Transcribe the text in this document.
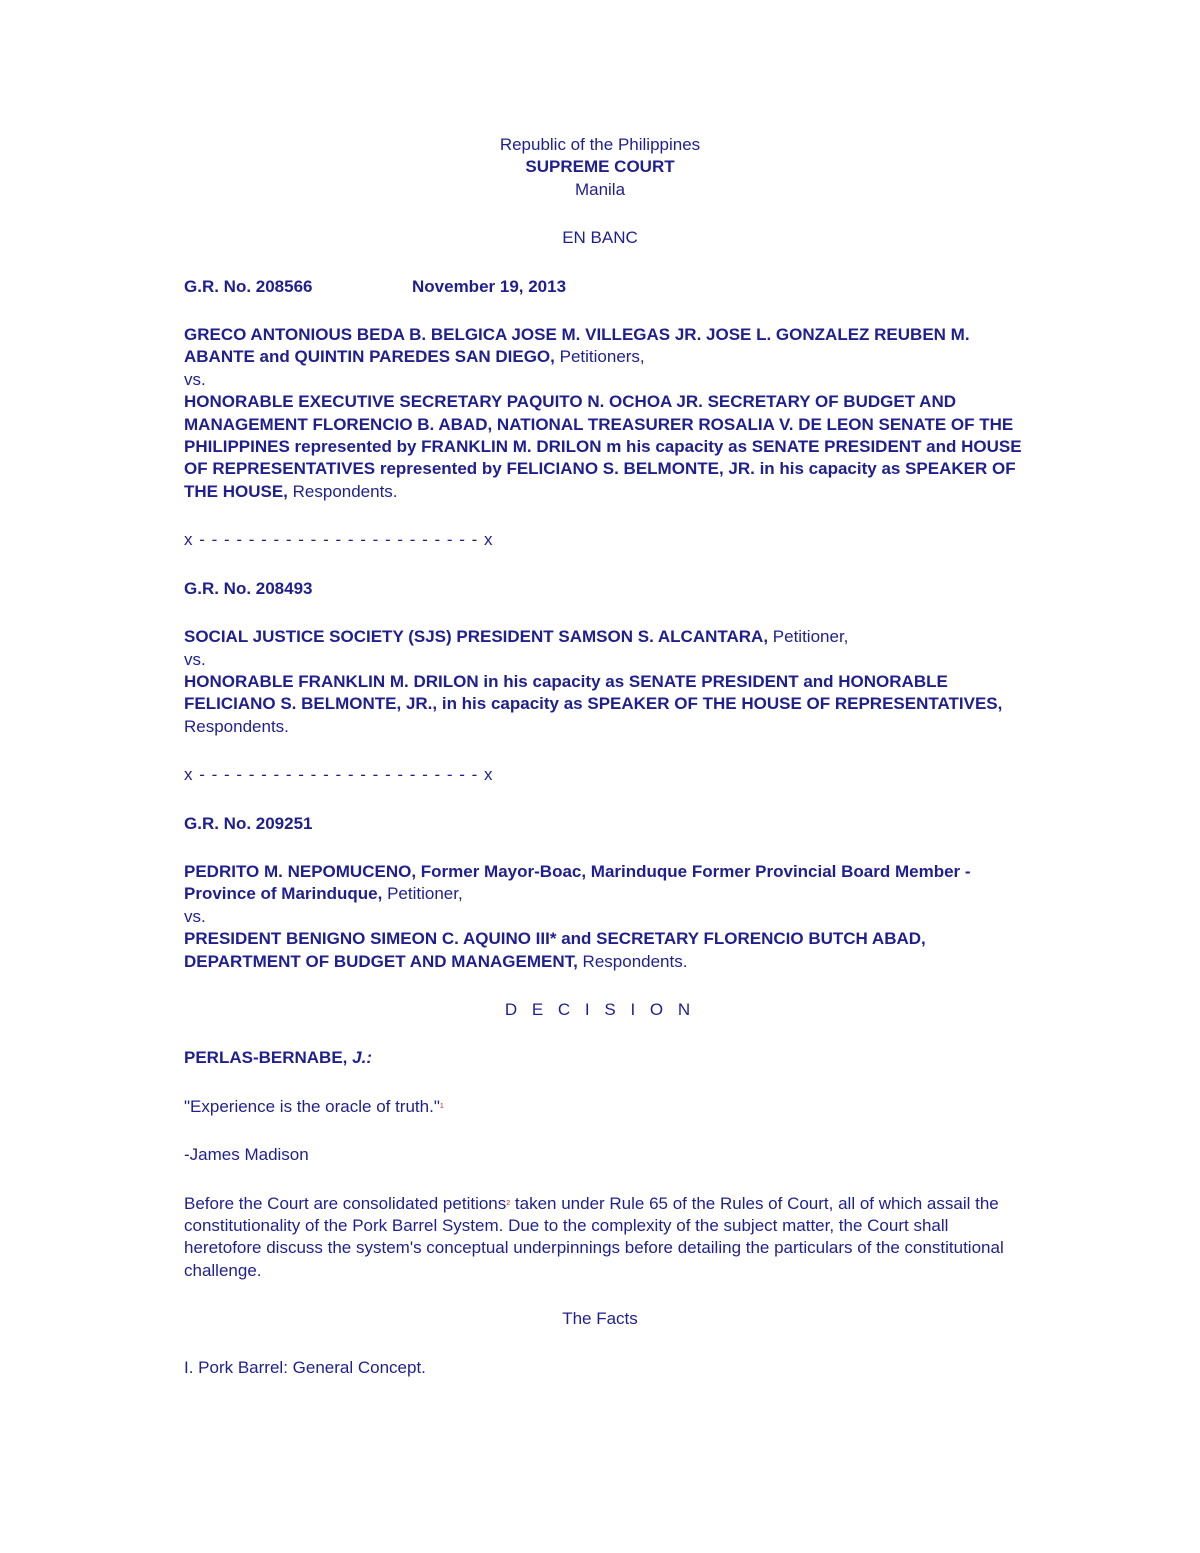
Republic of the Philippines
SUPREME COURT
Manila
EN BANC
G.R. No. 208566	November 19, 2013

GRECO ANTONIOUS BEDA B. BELGICA JOSE M. VILLEGAS JR. JOSE L. GONZALEZ REUBEN M. ABANTE and QUINTIN PAREDES SAN DIEGO, Petitioners,

vs.

HONORABLE EXECUTIVE SECRETARY PAQUITO N. OCHOA JR. SECRETARY OF BUDGET AND MANAGEMENT FLORENCIO B. ABAD, NATIONAL TREASURER ROSALIA V. DE LEON SENATE OF THE PHILIPPINES represented by FRANKLIN M. DRILON m his capacity as SENATE PRESIDENT and HOUSE OF REPRESENTATIVES represented by FELICIANO S. BELMONTE, JR. in his capacity as SPEAKER OF THE HOUSE, Respondents.

x - - - - - - - - - - - - - - - - - - - - - - - x
G.R. No. 208493

SOCIAL JUSTICE SOCIETY (SJS) PRESIDENT SAMSON S. ALCANTARA, Petitioner,

vs.

HONORABLE FRANKLIN M. DRILON in his capacity as SENATE PRESIDENT and HONORABLE FELICIANO S. BELMONTE, JR., in his capacity as SPEAKER OF THE HOUSE OF REPRESENTATIVES, Respondents.

x - - - - - - - - - - - - - - - - - - - - - - - x
G.R. No. 209251

PEDRITO M. NEPOMUCENO, Former Mayor-Boac, Marinduque Former Provincial Board Member -Province of Marinduque, Petitioner,

vs.

PRESIDENT BENIGNO SIMEON C. AQUINO III* and SECRETARY FLORENCIO BUTCH ABAD, DEPARTMENT OF BUDGET AND MANAGEMENT, Respondents.

D E C I S I O N
PERLAS-BERNABE, J.:
"Experience is the oracle of truth."$^1$
-James Madison

Before the Court are consolidated petitions$^2$ taken under Rule 65 of the Rules of Court, all of which assail the constitutionality of the Pork Barrel System. Due to the complexity of the subject matter, the Court shall heretofore discuss the system's conceptual underpinnings before detailing the particulars of the constitutional challenge.

The Facts
I. Pork Barrel: General Concept.
